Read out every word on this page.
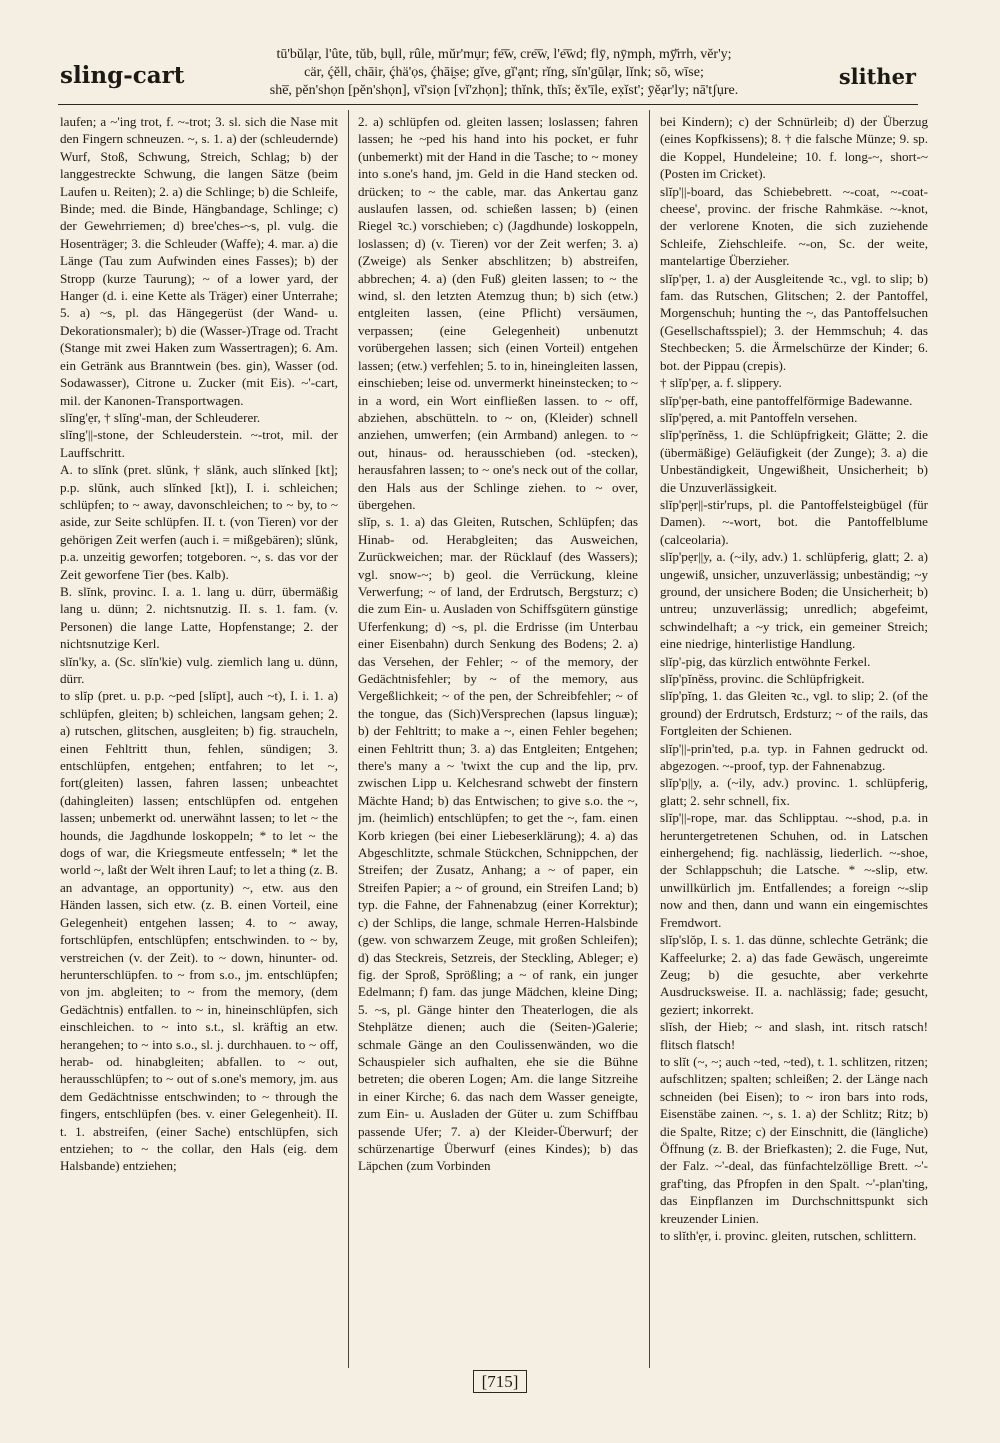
sling-cart
tū'bŭlạr, l'ûte, tŭb, bụll, rûle, mŭr'mụr; fe͞w, cre͞w, l'e͞wd; flȳ, nȳmph, mȳ̆rrh, vĕr'y;
cär, ḉĕll, chāir, ḉhä'ọs, ḉhāi̯se; gĭve, gĭ'ạnt; rĭng, sĭn'gūlạr, lĭnk; sō, wīse;
she̅, pĕn'shọn [pĕn'shọn], vĭ'siọn [vĭ'zhọn]; thĭnk, thĭs; ĕx'īle, ex̣ĭst'; ȳĕạr'ly; nā'tʃụre.
slither

laufen; a ~'ing trot, f. ~-trot; 3. sl. sich die Nase mit den Fingern schneuzen. ~, s. 1. a) der (schleudernde) Wurf, Stoß, Schwung, Streich, Schlag; b) der langgestreckte Schwung, die langen Sätze (beim Laufen u. Reiten); 2. a) die Schlinge; b) die Schleife, Binde; med. die Binde, Hängbandage, Schlinge; c) der Gewehrriemen; d) bree'ches-~s, pl. vulg. die Hosenträger; 3. die Schleuder (Waffe); 4. mar. a) die Länge (Tau zum Aufwinden eines Fasses); b) der Stropp (kurze Taurung); ~ of a lower yard, der Hanger (d. i. eine Kette als Träger) einer Unterrahe; 5. a) ~s, pl. das Hängegerüst (der Wand- u. Dekorationsmaler); b) die (Wasser-)Trage od. Tracht (Stange mit zwei Haken zum Wassertragen); 6. Am. ein Getränk aus Branntwein (bes. gin), Wasser (od. Sodawasser), Citrone u. Zucker (mit Eis). ~'-cart, mil. der Kanonen-Transportwagen.

slĭng'ẹr, † slĭng'-man, der Schleuderer.

slĭng'||-stone, der Schleuderstein. ~-trot, mil. der Lauffschritt.

A. to slĭnk (pret. slŭnk, † slănk, auch slĭnked [kt]; p.p. slŭnk, auch slĭnked [kt]), I. i. schleichen; schlüpfen; to ~ away, davonschleichen; to ~ by, to ~ aside, zur Seite schlüpfen. II. t. (von Tieren) vor der gehörigen Zeit werfen (auch i. = mißgebären); slŭnk, p.a. unzeitig geworfen; totgeboren. ~, s. das vor der Zeit geworfene Tier (bes. Kalb).

B. slĭnk, provinc. I. a. 1. lang u. dürr, übermäßig lang u. dünn; 2. nichtsnutzig. II. s. 1. fam. (v. Personen) die lange Latte, Hopfenstange; 2. der nichtsnutzige Kerl.

slĭn'ky, a. (Sc. slĭn'kie) vulg. ziemlich lang u. dünn, dürr.

to slĭp (pret. u. p.p. ~ped [slĭpt], auch ~t), I. i. 1. a) schlüpfen, gleiten; b) schleichen, langsam gehen; 2. a) rutschen, glitschen, ausgleiten; b) fig. straucheln, einen Fehltritt thun, fehlen, sündigen; 3. entschlüpfen, entgehen; entfahren; to let ~, fort(gleiten) lassen, fahren lassen; unbeachtet (dahingleiten) lassen; entschlüpfen od. entgehen lassen; unbemerkt od. unerwähnt lassen; to let ~ the hounds, die Jagdhunde loskoppeln; * to let ~ the dogs of war, die Kriegsmeute entfesseln; * let the world ~, laßt der Welt ihren Lauf; to let a thing (z. B. an advantage, an opportunity) ~, etw. aus den Händen lassen, sich etw. (z. B. einen Vorteil, eine Gelegenheit) entgehen lassen; 4. to ~ away, fortschlüpfen, entschlüpfen; entschwinden. to ~ by, verstreichen (v. der Zeit). to ~ down, hinunter- od. herunterschlüpfen. to ~ from s.o., jm. entschlüpfen; von jm. abgleiten; to ~ from the memory, (dem Gedächtnis) entfallen. to ~ in, hineinschlüpfen, sich einschleichen. to ~ into s.t., sl. kräftig an etw. herangehen; to ~ into s.o., sl. j. durchhauen. to ~ off, herab- od. hinabgleiten; abfallen. to ~ out, herausschlüpfen; to ~ out of s.one's memory, jm. aus dem Gedächtnisse entschwinden; to ~ through the fingers, entschlüpfen (bes. v. einer Gelegenheit). II. t. 1. abstreifen, (einer Sache) entschlüpfen, sich entziehen; to ~ the collar, den Hals (eig. dem Halsbande) entziehen;

2. a) schlüpfen od. gleiten lassen; loslassen; fahren lassen; he ~ped his hand into his pocket, er fuhr (unbemerkt) mit der Hand in die Tasche; to ~ money into s.one's hand, jm. Geld in die Hand stecken od. drücken; to ~ the cable, mar. das Ankertau ganz auslaufen lassen, od. schießen lassen; b) (einen Riegel ꝛc.) vorschieben; c) (Jagdhunde) loskoppeln, loslassen; d) (v. Tieren) vor der Zeit werfen; 3. a) (Zweige) als Senker abschlitzen; b) abstreifen, abbrechen; 4. a) (den Fuß) gleiten lassen; to ~ the wind, sl. den letzten Atemzug thun; b) sich (etw.) entgleiten lassen, (eine Pflicht) versäumen, verpassen; (eine Gelegenheit) unbenutzt vorübergehen lassen; sich (einen Vorteil) entgehen lassen; (etw.) verfehlen; 5. to in, hineingleiten lassen, einschieben; leise od. unvermerkt hineinstecken; to ~ in a word, ein Wort einfließen lassen. to ~ off, abziehen, abschütteln. to ~ on, (Kleider) schnell anziehen, umwerfen; (ein Armband) anlegen. to ~ out, hinaus- od. herausschieben (od. -stecken), herausfahren lassen; to ~ one's neck out of the collar, den Hals aus der Schlinge ziehen. to ~ over, übergehen.

slĭp, s. 1. a) das Gleiten, Rutschen, Schlüpfen; das Hinab- od. Herabgleiten; das Ausweichen, Zurückweichen; mar. der Rücklauf (des Wassers); vgl. snow-~; b) geol. die Verrückung, kleine Verwerfung; ~ of land, der Erdrutsch, Bergsturz; c) die zum Ein- u. Ausladen von Schiffsgütern günstige Uferfenkung; d) ~s, pl. die Erdrisse (im Unterbau einer Eisenbahn) durch Senkung des Bodens; 2. a) das Versehen, der Fehler; ~ of the memory, der Gedächtnisfehler; by ~ of the memory, aus Vergeßlichkeit; ~ of the pen, der Schreibfehler; ~ of the tongue, das (Sich)Versprechen (lapsus linguæ); b) der Fehltritt; to make a ~, einen Fehler begehen; einen Fehltritt thun; 3. a) das Entgleiten; Entgehen; there's many a ~ 'twixt the cup and the lip, prv. zwischen Lipp u. Kelchesrand schwebt der finstern Mächte Hand; b) das Entwischen; to give s.o. the ~, jm. (heimlich) entschlüpfen; to get the ~, fam. einen Korb kriegen (bei einer Liebeserklärung); 4. a) das Abgeschlitzte, schmale Stückchen, Schnippchen, der Streifen; der Zusatz, Anhang; a ~ of paper, ein Streifen Papier; a ~ of ground, ein Streifen Land; b) typ. die Fahne, der Fahnenabzug (einer Korrektur); c) der Schlips, die lange, schmale Herren-Halsbinde (gew. von schwarzem Zeuge, mit großen Schleifen); d) das Steckreis, Setzreis, der Steckling, Ableger; e) fig. der Sproß, Sprößling; a ~ of rank, ein junger Edelmann; f) fam. das junge Mädchen, kleine Ding; 5. ~s, pl. Gänge hinter den Theaterlogen, die als Stehplätze dienen; auch die (Seiten-)Galerie; schmale Gänge an den Coulissenwänden, wo die Schauspieler sich aufhalten, ehe sie die Bühne betreten; die oberen Logen; Am. die lange Sitzreihe in einer Kirche; 6. das nach dem Wasser geneigte, zum Ein- u. Ausladen der Güter u. zum Schiffbau passende Ufer; 7. a) der Kleider-Überwurf; der schürzenartige Überwurf (eines Kindes); b) das Läpchen (zum Vorbinden

bei Kindern); c) der Schnürleib; d) der Überzug (eines Kopfkissens); 8. † die falsche Münze; 9. sp. die Koppel, Hundeleine; 10. f. long-~, short-~ (Posten im Cricket).

slĭp'||-board, das Schiebebrett. ~-coat, ~-coat-cheese', provinc. der frische Rahmkäse. ~-knot, der verlorene Knoten, die sich zuziehende Schleife, Ziehschleife. ~-on, Sc. der weite, mantelartige Überzieher.

slĭp'pẹr, 1. a) der Ausgleitende ꝛc., vgl. to slip; b) fam. das Rutschen, Glitschen; 2. der Pantoffel, Morgenschuh; hunting the ~, das Pantoffelsuchen (Gesellschaftsspiel); 3. der Hemmschuh; 4. das Stechbecken; 5. die Ärmelschürze der Kinder; 6. bot. der Pippau (crepis).

† slĭp'pẹr, a. f. slippery.

slĭp'pẹr-bath, eine pantoffelförmige Badewanne.

slĭp'pẹred, a. mit Pantoffeln versehen.

slĭp'pẹrĭnĕss, 1. die Schlüpfrigkeit; Glätte; 2. die (übermäßige) Geläufigkeit (der Zunge); 3. a) die Unbeständigkeit, Ungewißheit, Unsicherheit; b) die Unzuverlässigkeit.

slĭp'pẹr||-stir'rups, pl. die Pantoffelsteigbügel (für Damen). ~-wort, bot. die Pantoffelblume (calceolaria).

slĭp'pẹr||y, a. (~ily, adv.) 1. schlüpferig, glatt; 2. a) ungewiß, unsicher, unzuverlässig; unbeständig; ~y ground, der unsichere Boden; die Unsicherheit; b) untreu; unzuverlässig; unredlich; abgefeimt, schwindelhaft; a ~y trick, ein gemeiner Streich; eine niedrige, hinterlistige Handlung.

slĭp'-pig, das kürzlich entwöhnte Ferkel.

slĭp'pĭnĕss, provinc. die Schlüpfrigkeit.

slĭp'pĭng, 1. das Gleiten ꝛc., vgl. to slip; 2. (of the ground) der Erdrutsch, Erdsturz; ~ of the rails, das Fortgleiten der Schienen.

slĭp'||-prin'ted, p.a. typ. in Fahnen gedruckt od. abgezogen. ~-proof, typ. der Fahnenabzug.

slĭp'p||y, a. (~ily, adv.) provinc. 1. schlüpferig, glatt; 2. sehr schnell, fix.

slĭp'||-rope, mar. das Schlipptau. ~-shod, p.a. in heruntergetretenen Schuhen, od. in Latschen einhergehend; fig. nachlässig, liederlich. ~-shoe, der Schlappschuh; die Latsche. * ~-slip, etw. unwillkürlich jm. Entfallendes; a foreign ~-slip now and then, dann und wann ein eingemischtes Fremdwort.

slĭp'slŏp, I. s. 1. das dünne, schlechte Getränk; die Kaffeelurke; 2. a) das fade Gewäsch, ungereimte Zeug; b) die gesuchte, aber verkehrte Ausdrucksweise. II. a. nachlässig; fade; gesucht, geziert; inkorrekt.

slĭsh, der Hieb; ~ and slash, int. ritsch ratsch! flitsch flatsch!

to slĭt (~, ~; auch ~ted, ~ted), t. 1. schlitzen, ritzen; aufschlitzen; spalten; schleißen; 2. der Länge nach schneiden (bei Eisen); to ~ iron bars into rods, Eisenstäbe zainen. ~, s. 1. a) der Schlitz; Ritz; b) die Spalte, Ritze; c) der Einschnitt, die (längliche) Öffnung (z. B. der Briefkasten); 2. die Fuge, Nut, der Falz. ~'-deal, das fünfachtelzöllige Brett. ~'-graf'ting, das Pfropfen in den Spalt. ~'-plan'ting, das Einpflanzen im Durchschnittspunkt sich kreuzender Linien.

to slĭth'ẹr, i. provinc. gleiten, rutschen, schlittern.

[715]
